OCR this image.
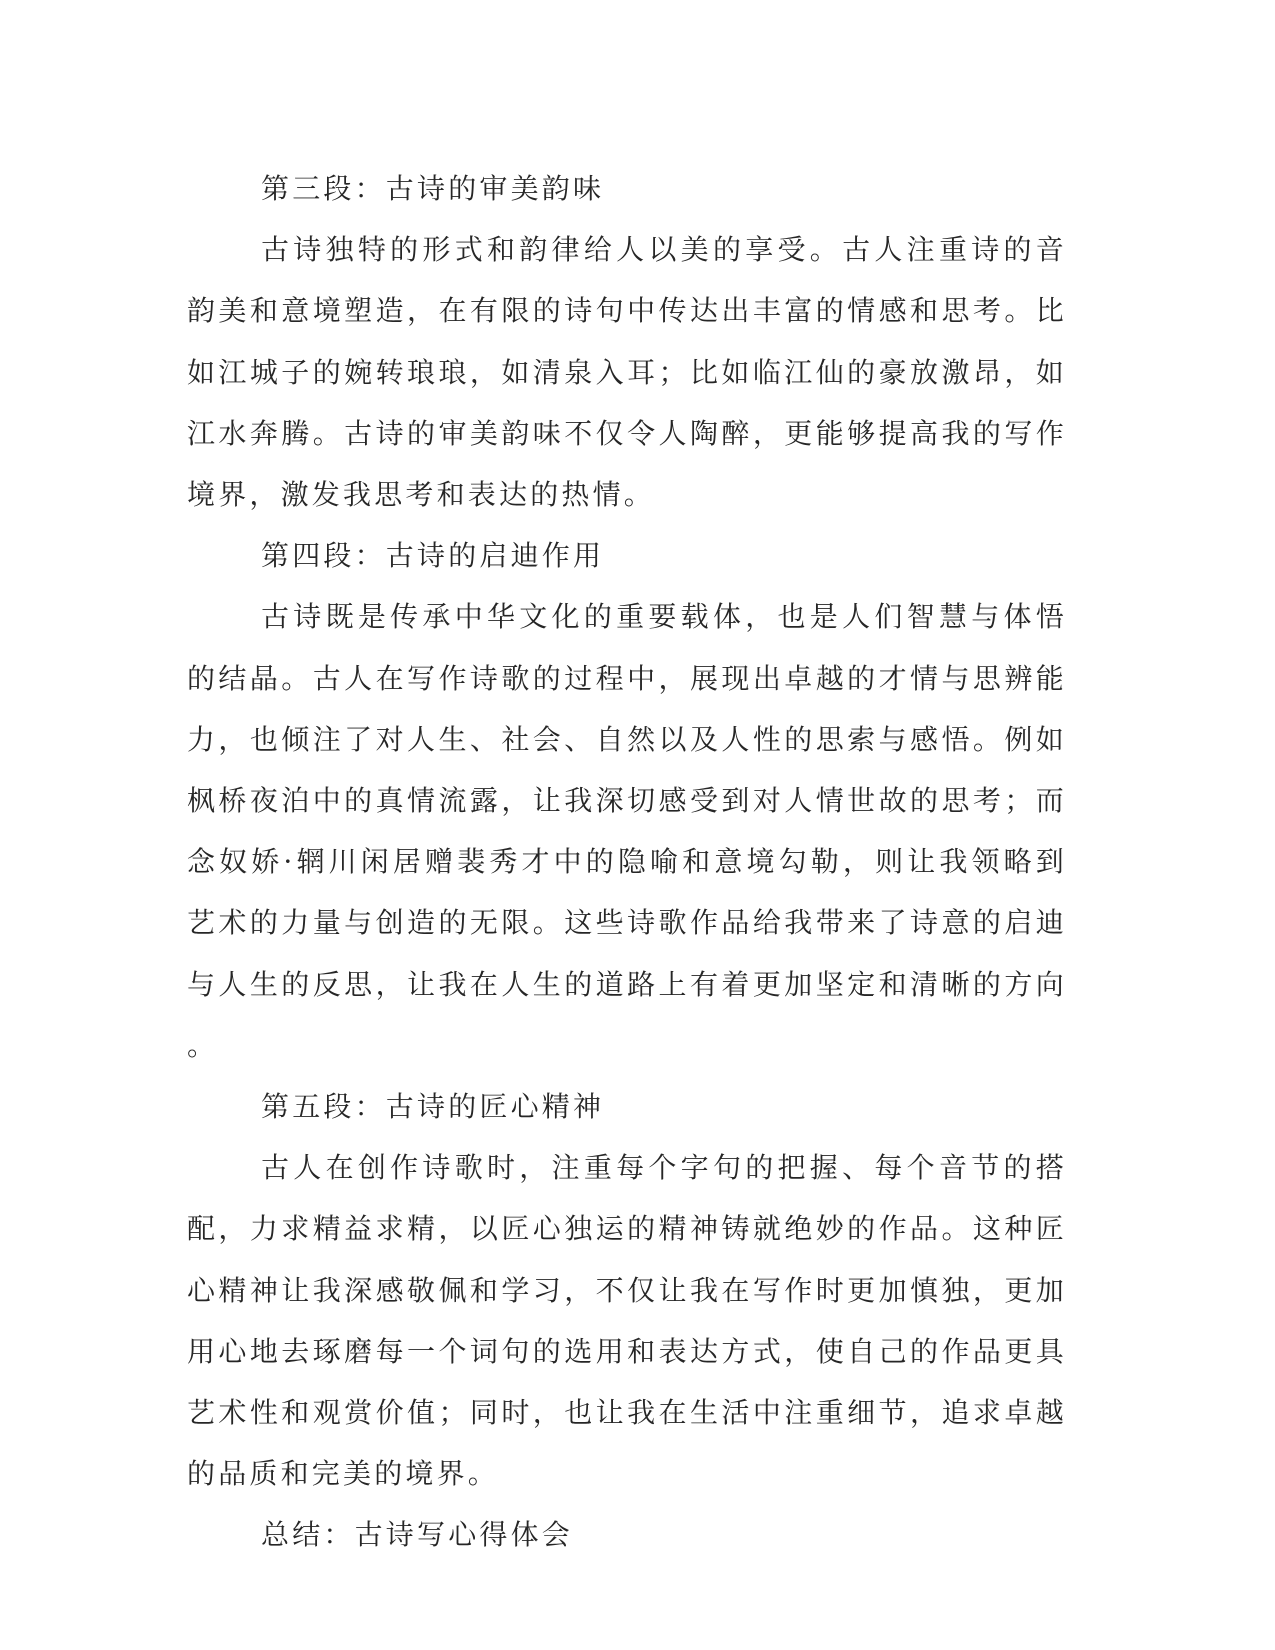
第三段：古诗的审美韵味

古诗独特的形式和韵律给人以美的享受。古人注重诗的音韵美和意境塑造，在有限的诗句中传达出丰富的情感和思考。比如江城子的婉转琅琅，如清泉入耳；比如临江仙的豪放激昂，如江水奔腾。古诗的审美韵味不仅令人陶醉，更能够提高我的写作境界，激发我思考和表达的热情。

第四段：古诗的启迪作用

古诗既是传承中华文化的重要载体，也是人们智慧与体悟的结晶。古人在写作诗歌的过程中，展现出卓越的才情与思辨能力，也倾注了对人生、社会、自然以及人性的思索与感悟。例如枫桥夜泊中的真情流露，让我深切感受到对人情世故的思考；而念奴娇·辋川闲居赠裴秀才中的隐喻和意境勾勒，则让我领略到艺术的力量与创造的无限。这些诗歌作品给我带来了诗意的启迪与人生的反思，让我在人生的道路上有着更加坚定和清晰的方向。

第五段：古诗的匠心精神

古人在创作诗歌时，注重每个字句的把握、每个音节的搭配，力求精益求精，以匠心独运的精神铸就绝妙的作品。这种匠心精神让我深感敬佩和学习，不仅让我在写作时更加慎独，更加用心地去琢磨每一个词句的选用和表达方式，使自己的作品更具艺术性和观赏价值；同时，也让我在生活中注重细节，追求卓越的品质和完美的境界。

总结：古诗写心得体会
